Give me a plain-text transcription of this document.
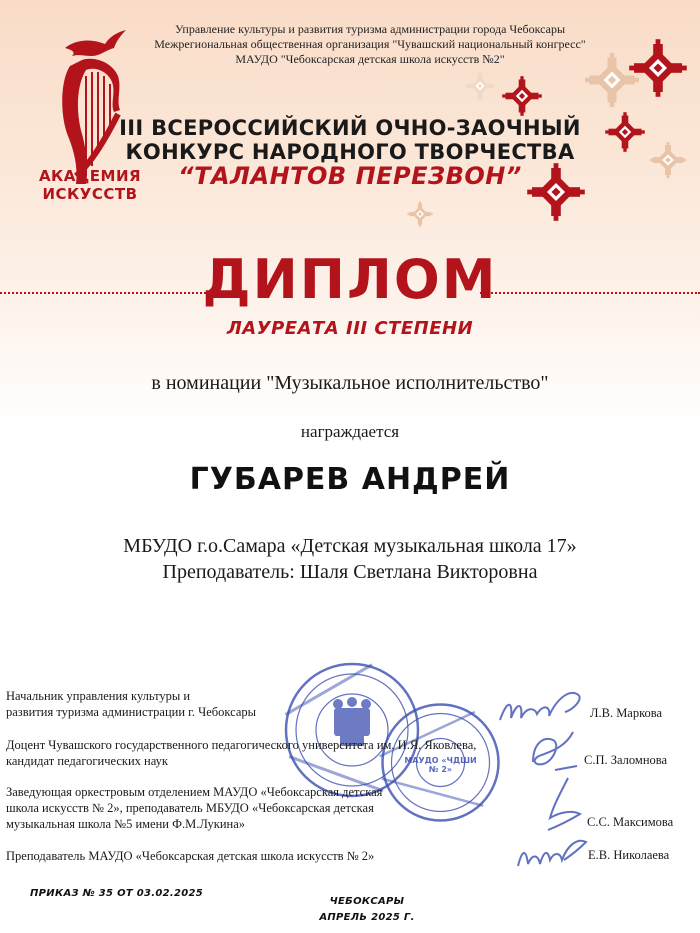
АКАДЕМИЯ
ИСКУССТВ
Управление культуры и развития туризма администрации города Чебоксары
Межрегиональная общественная организация "Чувашский национальный конгресс"
МАУДО "Чебоксарская детская школа искусств №2"
III ВСЕРОССИЙСКИЙ ОЧНО-ЗАОЧНЫЙ
КОНКУРС НАРОДНОГО ТВОРЧЕСТВА
“ТАЛАНТОВ ПЕРЕЗВОН”
ДИПЛОМ
ЛАУРЕАТА III СТЕПЕНИ
в номинации "Музыкальное исполнительство"
награждается
ГУБАРЕВ АНДРЕЙ
МБУДО г.о.Самара «Детская музыкальная школа 17»
Преподаватель: Шаля Светлана Викторовна
МАУДО «ЧДШИ № 2»
Начальник управления культуры и
развития туризма администрации г. Чебоксары	Л.В. Маркова
Доцент Чувашского государственного педагогического университета им. И.Я. Яковлева,
кандидат педагогических наук	С.П. Заломнова
Заведующая оркестровым отделением МАУДО «Чебоксарская детская
школа искусств № 2», преподаватель МБУДО «Чебоксарская детская
музыкальная школа №5 имени Ф.М.Лукина»	С.С. Максимова
Преподаватель МАУДО «Чебоксарская детская школа искусств № 2»	Е.В. Николаева
ПРИКАЗ № 35 ОТ 03.02.2025
ЧЕБОКСАРЫ
АПРЕЛЬ 2025 Г.
